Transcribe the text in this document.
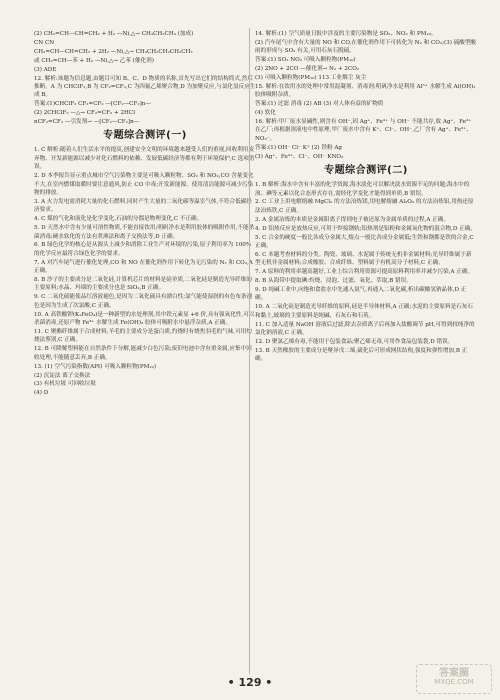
(2) CH₂=CH—CH=CH₂ + H₂ —Ni,△→ CH₃CH₂CH₃ (加成)

CN CN

CH₂=CH—CH=CH₂ + 2H₂ —Ni,△→ CH₃CH₂CH₂CH₂CH₃

或 CH₂=CH—苯 + H₂ —Ni,△→ 乙苯 (催化剂)

(3) ADE

12. 解析:该题为信息题,由题目可知 B、C、D 物质的名称,首先写出它们的结构简式,然后推断。A 为 CHClF₂,B 为 CF₂=CF₂,C 为四氟乙烯聚合物,D 为加聚反应,与氯化氢反应生成 B。

答案:(1)CHClF₂ CF₂=CF₂ —[CF₂—CF₂]n—

(2) 2CHClF₂ —△→ CF₂=CF₂ + 2HCl

nCF₂=CF₂ —引发剂→ —[CF₂—CF₂]n—

专题综合测评(一)

1. C 解析:随着人们生活水平的提高,创建安全文明的环境越来越受人们的重视,回收利用废弃物、开发新能源以减少对化石燃料的依赖、发展低碳经济等都有利于环境保护,C 选项错误。

2. D 本季报告显示重点城市空气污染物主要是可吸入颗粒物、SO₂ 和 NO₂,CO 含量变化不大,在室内燃煤取暖时要注意通风,防止 CO 中毒;开发新能源、使用清洁能源可减少污染物的排放。

3. A 火力发电需消耗大量的化石燃料,同时产生大量的二氧化碳等温室气体,不符合低碳经济要求。

4. C 煤的气化和液化是化学变化,石油的分馏是物理变化,C 不正确。

5. D 天然水中含有少量可溶性物质,不能直接饮用;明矾净水是利用胶体的吸附作用,不能杀菌消毒;硬水软化的方法有煮沸法和离子交换法等,D 正确。

6. B 绿色化学的核心是从源头上减少和消除工业生产对环境的污染,原子利用率为 100% 的化学反应最符合绿色化学的要求。

7. A 对汽车尾气进行催化处理,CO 和 NO 在催化剂作用下转化为无污染的 N₂ 和 CO₂,A 正确。

8. B 沙子的主要成分是二氧化硅,计算机芯片的材料是硅单质,二氧化硅是制造光导纤维的主要原料;水晶、玛瑙的主要成分也是 SiO₂,B 正确。

9. C 二氧化硫能使品红溶液褪色,是因为二氧化硫具有漂白性;氯气能使湿润的有色布条褪色是因为生成了次氯酸,C 正确。

10. A 高铁酸钾(K₂FeO₄)是一种新型的水处理剂,其中铁元素显 +6 价,具有强氧化性,可以杀菌消毒,还原产物 Fe³⁺ 水解生成 Fe(OH)₃ 胶体可吸附水中悬浮杂质,A 正确。

11. C 聚酯纤维属于合成材料,羊毛的主要成分是蛋白质,灼烧时有烧焦羽毛的气味,可用灼烧法鉴别,C 正确。

12. B 可降解塑料能在自然条件下分解,能减少白色污染;废旧电池中含有重金属,应集中回收处理,不能随意丢弃,B 正确。

13. (1) 空气污染指数(API) 可吸入颗粒物(PM₁₀)

(2) 沉淀法 离子交换法

(3) 有机垃圾 可回收垃圾

(4) D

14. 解析:(1) 空气质量日报中涉及的主要污染物是 SO₂、NO₂ 和 PM₁₀。

(2) 汽车尾气中含有大量的 NO 和 CO,在催化剂作用下可转化为 N₂ 和 CO₂;(3) 硫酸型酸雨的形成与 SO₂ 有关,可用石灰石脱硫。

答案:(1) SO₂ NO₂ 可吸入颗粒物(PM₁₀)

(2) 2NO + 2CO —催化剂→ N₂ + 2CO₂

(3) 可吸入颗粒物(PM₁₀) 113 工业烟尘 灰尘

15. 解析:在饮用水的处理中常用混凝剂、消毒剂;明矾净水是利用 Al³⁺ 水解生成 Al(OH)₃ 胶体吸附杂质。

答案:(1) 过滤 消毒 (2) AB (3) 对人体有益的矿物质

(4) 软化

16. 解析:甲厂废水显碱性,则含有 OH⁻,因 Ag⁺、Fe³⁺ 与 OH⁻ 不能共存,故 Ag⁺、Fe³⁺ 在乙厂;再根据溶液电中性原理,甲厂废水中含有 K⁺、Cl⁻、OH⁻,乙厂含有 Ag⁺、Fe³⁺、NO₃⁻。

答案:(1) OH⁻ Cl⁻ K⁺ (2) 铁粉 Ag

(3) Ag⁺、Fe³⁺、Cl⁻、OH⁻ KNO₃

专题综合测评(二)

1. B 解析:海水中含有丰富的化学资源,海水淡化可以解决淡水资源不足的问题;海水中的溴、碘等元素以化合态形式存在,需经化学变化才能得到单质,B 错误。

2. C 工业上用电解熔融 MgCl₂ 的方法冶炼镁,用电解熔融 Al₂O₃ 的方法冶炼铝,用热还原法冶炼铁,C 正确。

3. A 金属冶炼的本质是金属阳离子得到电子被还原为金属单质的过程,A 正确。

4. D 铝热反应是放热反应,可用于焊接钢轨;铝热剂是铝粉和金属氧化物的混合物,D 正确。

5. C 合金的硬度一般比各成分金属大,熔点一般比各成分金属低;生铁和钢都是铁的合金,C 正确。

6. C 本题考查材料的分类。陶瓷、玻璃、水泥属于传统无机非金属材料;光导纤维属于新型无机非金属材料;合成橡胶、合成纤维、塑料属于有机高分子材料,C 正确。

7. A 原料的利用率越高越好,工业上综合利用资源可提高原料利用率并减少污染,A 正确。

8. B 从海带中提取碘:灼烧、浸泡、过滤、氧化、萃取,B 错误。

9. D 纯碱工业中,向饱和食盐水中先通入氨气,再通入二氧化碳,析出碳酸氢钠晶体,D 正确。

10. A 二氧化硅是制造光导纤维的原料,硅是半导体材料,A 正确;水泥的主要原料是石灰石和黏土,玻璃的主要原料是纯碱、石灰石和石英。

11. C 加入适量 NaOH 溶液后过滤,除去杂质离子后再加入盐酸调节 pH,可得到较纯净的氯化钠溶液,C 正确。

12. D 聚氯乙烯有毒,不能用于包装食品;聚乙烯无毒,可用作食品包装袋,D 错误。

13. B 天然橡胶的主要成分是聚异戊二烯,硫化后可形成网状结构,强度和弹性增加,B 正确。

• 129 •
答案圈
MXQE.COM
